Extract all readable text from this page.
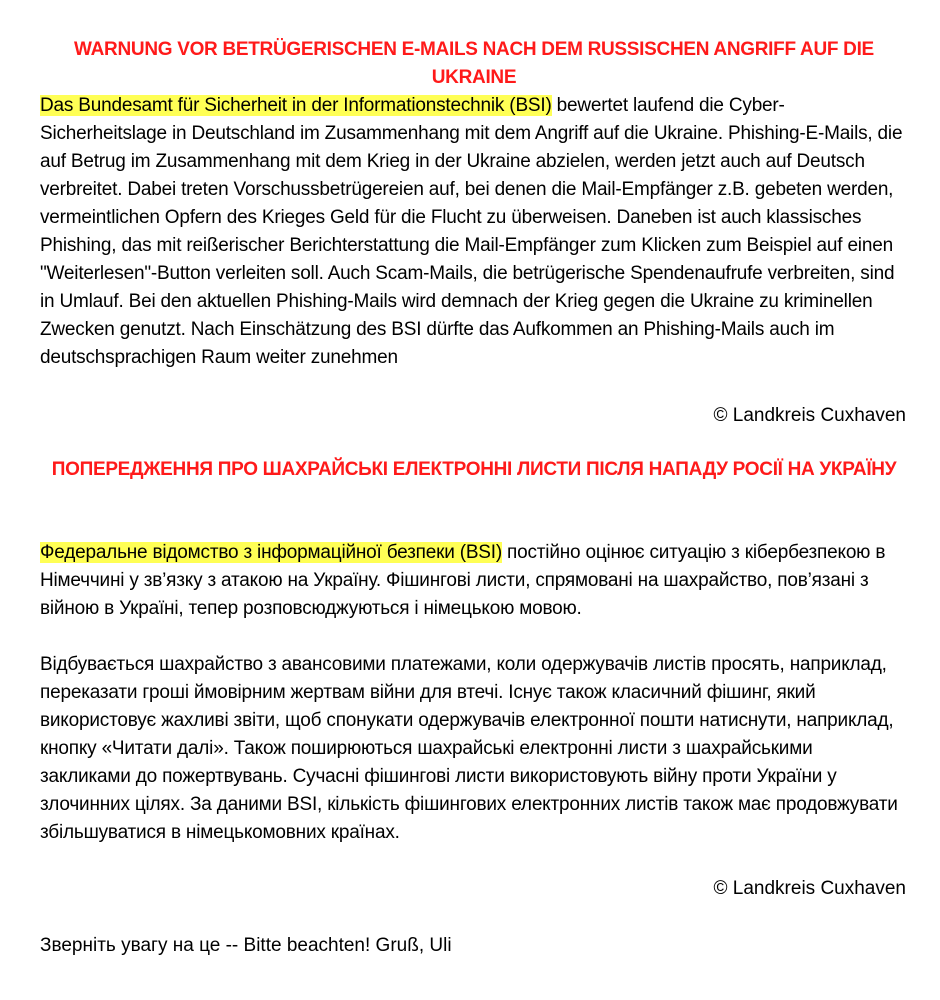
WARNUNG VOR BETRÜGERISCHEN E-MAILS NACH DEM RUSSISCHEN ANGRIFF AUF DIE UKRAINE
Das Bundesamt für Sicherheit in der Informationstechnik (BSI) bewertet laufend die Cyber-Sicherheitslage in Deutschland im Zusammenhang mit dem Angriff auf die Ukraine. Phishing-E-Mails, die auf Betrug im Zusammenhang mit dem Krieg in der Ukraine abzielen, werden jetzt auch auf Deutsch verbreitet. Dabei treten Vorschussbetrügereien auf, bei denen die Mail-Empfänger z.B. gebeten werden, vermeintlichen Opfern des Krieges Geld für die Flucht zu überweisen. Daneben ist auch klassisches Phishing, das mit reißerischer Berichterstattung die Mail-Empfänger zum Klicken zum Beispiel auf einen "Weiterlesen"-Button verleiten soll. Auch Scam-Mails, die betrügerische Spendenaufrufe verbreiten, sind in Umlauf. Bei den aktuellen Phishing-Mails wird demnach der Krieg gegen die Ukraine zu kriminellen Zwecken genutzt. Nach Einschätzung des BSI dürfte das Aufkommen an Phishing-Mails auch im deutschsprachigen Raum weiter zunehmen
© Landkreis Cuxhaven
ПОПЕРЕДЖЕННЯ ПРО ШАХРАЙСЬКІ ЕЛЕКТРОННІ ЛИСТИ ПІСЛЯ НАПАДУ РОСІЇ НА УКРАЇНУ
Федеральне відомство з інформаційної безпеки (BSI) постійно оцінює ситуацію з кібербезпекою в Німеччині у зв’язку з атакою на Україну. Фішингові листи, спрямовані на шахрайство, пов’язані з війною в Україні, тепер розповсюджуються і німецькою мовою.
Відбувається шахрайство з авансовими платежами, коли одержувачів листів просять, наприклад, переказати гроші ймовірним жертвам війни для втечі. Існує також класичний фішинг, який використовує жахливі звіти, щоб спонукати одержувачів електронної пошти натиснути, наприклад, кнопку «Читати далі». Також поширюються шахрайські електронні листи з шахрайськими закликами до пожертвувань. Сучасні фішингові листи використовують війну проти України у злочинних цілях. За даними BSI, кількість фішингових електронних листів також має продовжувати збільшуватися в німецькомовних країнах.
© Landkreis Cuxhaven
Зверніть увагу на це -- Bitte beachten! Gruß, Uli
